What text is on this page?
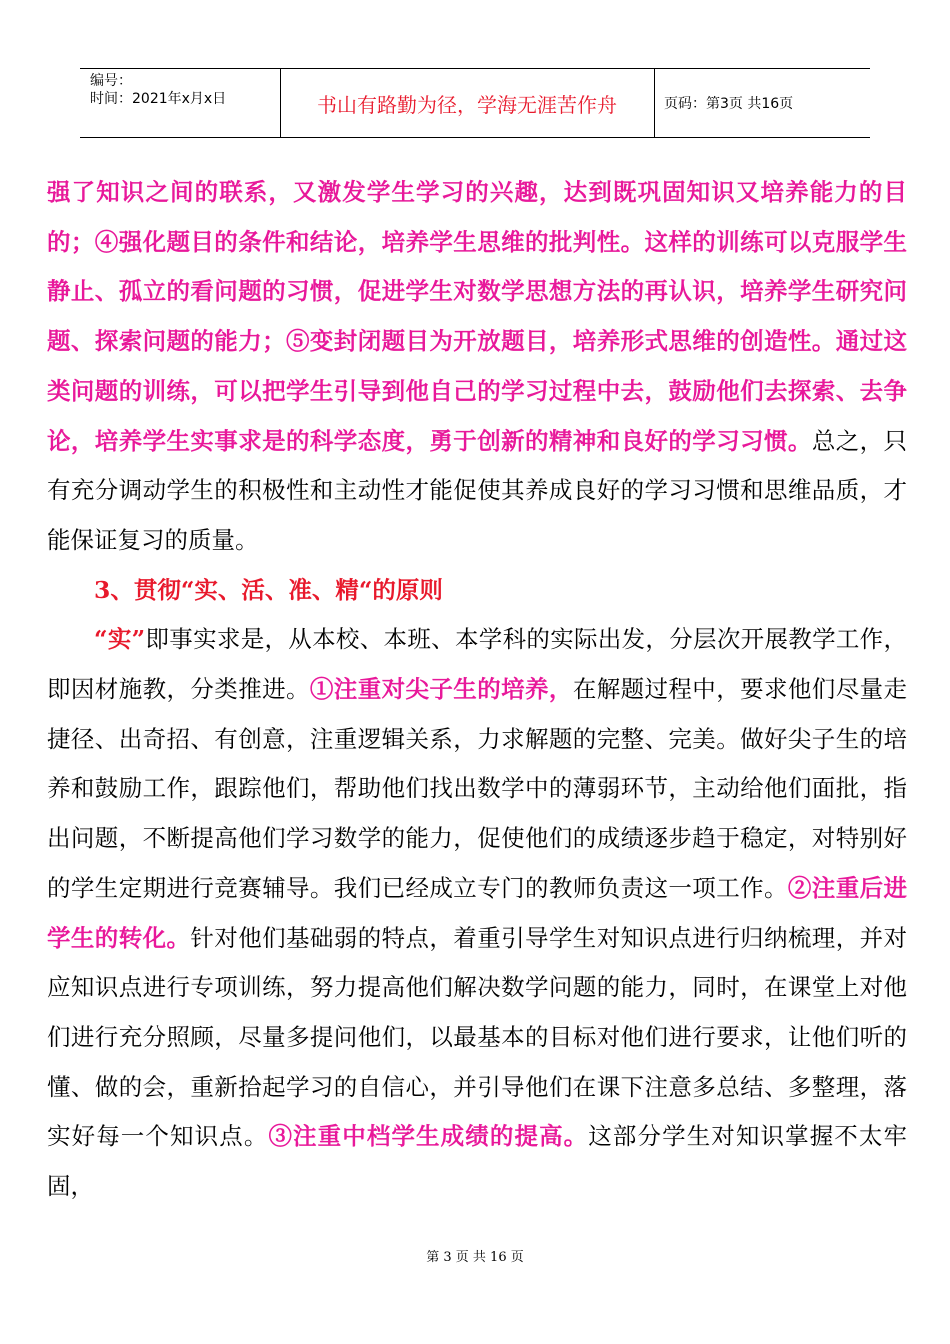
编号：
时间：2021年x月x日	书山有路勤为径，学海无涯苦作舟	页码：第3页 共16页

强了知识之间的联系，又激发学生学习的兴趣，达到既巩固知识又培养能力的目的；④强化题目的条件和结论，培养学生思维的批判性。这样的训练可以克服学生静止、孤立的看问题的习惯，促进学生对数学思想方法的再认识，培养学生研究问题、探索问题的能力；⑤变封闭题目为开放题目，培养形式思维的创造性。通过这类问题的训练，可以把学生引导到他自己的学习过程中去，鼓励他们去探索、去争论，培养学生实事求是的科学态度，勇于创新的精神和良好的学习习惯。总之，只有充分调动学生的积极性和主动性才能促使其养成良好的学习习惯和思维品质，才能保证复习的质量。

3、贯彻“实、活、准、精“的原则

“实”即事实求是，从本校、本班、本学科的实际出发，分层次开展教学工作，即因材施教，分类推进。①注重对尖子生的培养，在解题过程中，要求他们尽量走捷径、出奇招、有创意，注重逻辑关系，力求解题的完整、完美。做好尖子生的培养和鼓励工作，跟踪他们，帮助他们找出数学中的薄弱环节，主动给他们面批，指出问题，不断提高他们学习数学的能力，促使他们的成绩逐步趋于稳定，对特别好的学生定期进行竞赛辅导。我们已经成立专门的教师负责这一项工作。②注重后进学生的转化。针对他们基础弱的特点，着重引导学生对知识点进行归纳梳理，并对应知识点进行专项训练，努力提高他们解决数学问题的能力，同时，在课堂上对他们进行充分照顾，尽量多提问他们，以最基本的目标对他们进行要求，让他们听的懂、做的会，重新拾起学习的自信心，并引导他们在课下注意多总结、多整理，落实好每一个知识点。③注重中档学生成绩的提高。这部分学生对知识掌握不太牢固，

第 3 页 共 16 页
